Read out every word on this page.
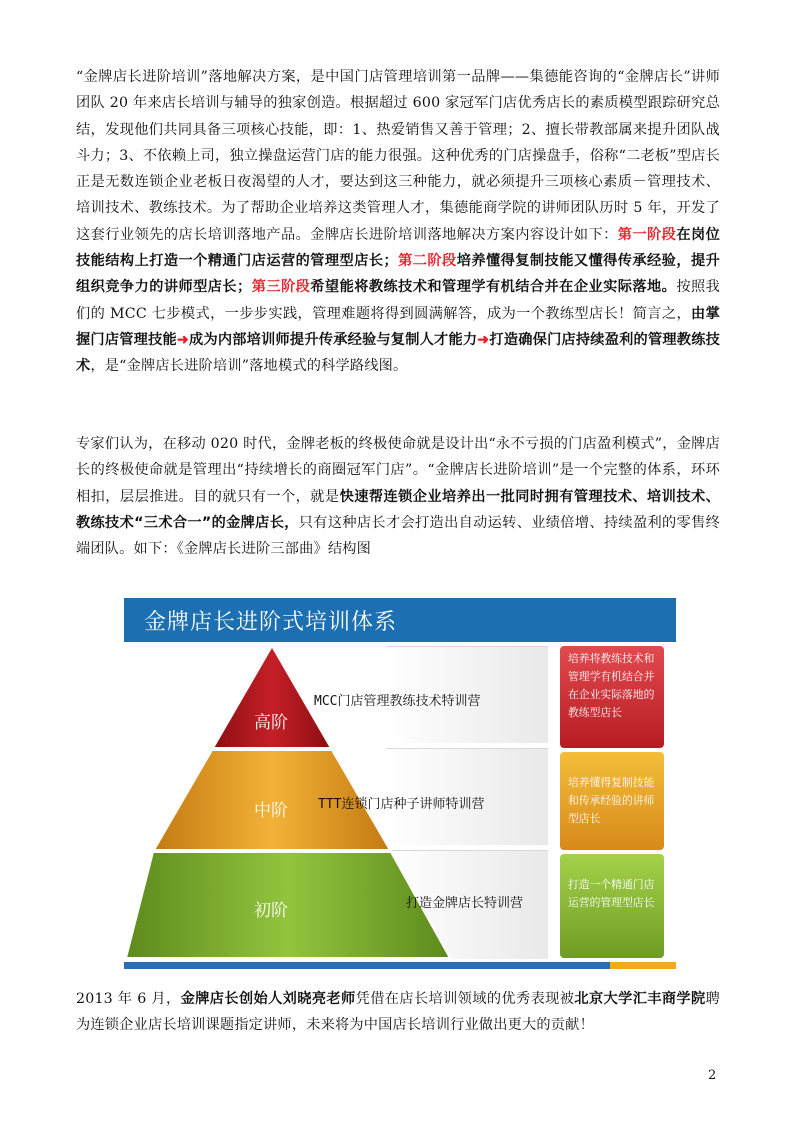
“金牌店长进阶培训”落地解决方案，是中国门店管理培训第一品牌——集德能咨询的“金牌店长”讲师团队 20 年来店长培训与辅导的独家创造。根据超过 600 家冠军门店优秀店长的素质模型跟踪研究总结，发现他们共同具备三项核心技能，即：1、热爱销售又善于管理；2、擅长带教部属来提升团队战斗力；3、不依赖上司，独立操盘运营门店的能力很强。这种优秀的门店操盘手，俗称“二老板”型店长正是无数连锁企业老板日夜渴望的人才，要达到这三种能力，就必须提升三项核心素质－管理技术、培训技术、教练技术。为了帮助企业培养这类管理人才，集德能商学院的讲师团队历时 5 年，开发了这套行业领先的店长培训落地产品。金牌店长进阶培训落地解决方案内容设计如下：第一阶段在岗位技能结构上打造一个精通门店运营的管理型店长；第二阶段培养懂得复制技能又懂得传承经验，提升组织竞争力的讲师型店长；第三阶段希望能将教练技术和管理学有机结合并在企业实际落地。按照我们的 MCC 七步模式，一步步实践，管理难题将得到圆满解答，成为一个教练型店长！简言之，由掌握门店管理技能➜成为内部培训师提升传承经验与复制人才能力➜打造确保门店持续盈利的管理教练技术，是“金牌店长进阶培训”落地模式的科学路线图。
专家们认为，在移动 020 时代，金牌老板的终极使命就是设计出“永不亏损的门店盈利模式”，金牌店长的终极使命就是管理出“持续增长的商圈冠军门店”。“金牌店长进阶培训”是一个完整的体系，环环相扣，层层推进。目的就只有一个，就是快速帮连锁企业培养出一批同时拥有管理技术、培训技术、教练技术“三术合一”的金牌店长，只有这种店长才会打造出自动运转、业绩倍增、持续盈利的零售终端团队。如下：《金牌店长进阶三部曲》结构图
金牌店长进阶式培训体系
高阶
中阶
初阶
MCC门店管理教练技术特训营
TTT连锁门店种子讲师特训营
打造金牌店长特训营
培养将教练技术和管理学有机结合并在企业实际落地的教练型店长
培养懂得复制技能和传承经验的讲师型店长
打造一个精通门店运营的管理型店长
2013 年 6 月，金牌店长创始人刘晓亮老师凭借在店长培训领域的优秀表现被北京大学汇丰商学院聘为连锁企业店长培训课题指定讲师，未来将为中国店长培训行业做出更大的贡献！
2
